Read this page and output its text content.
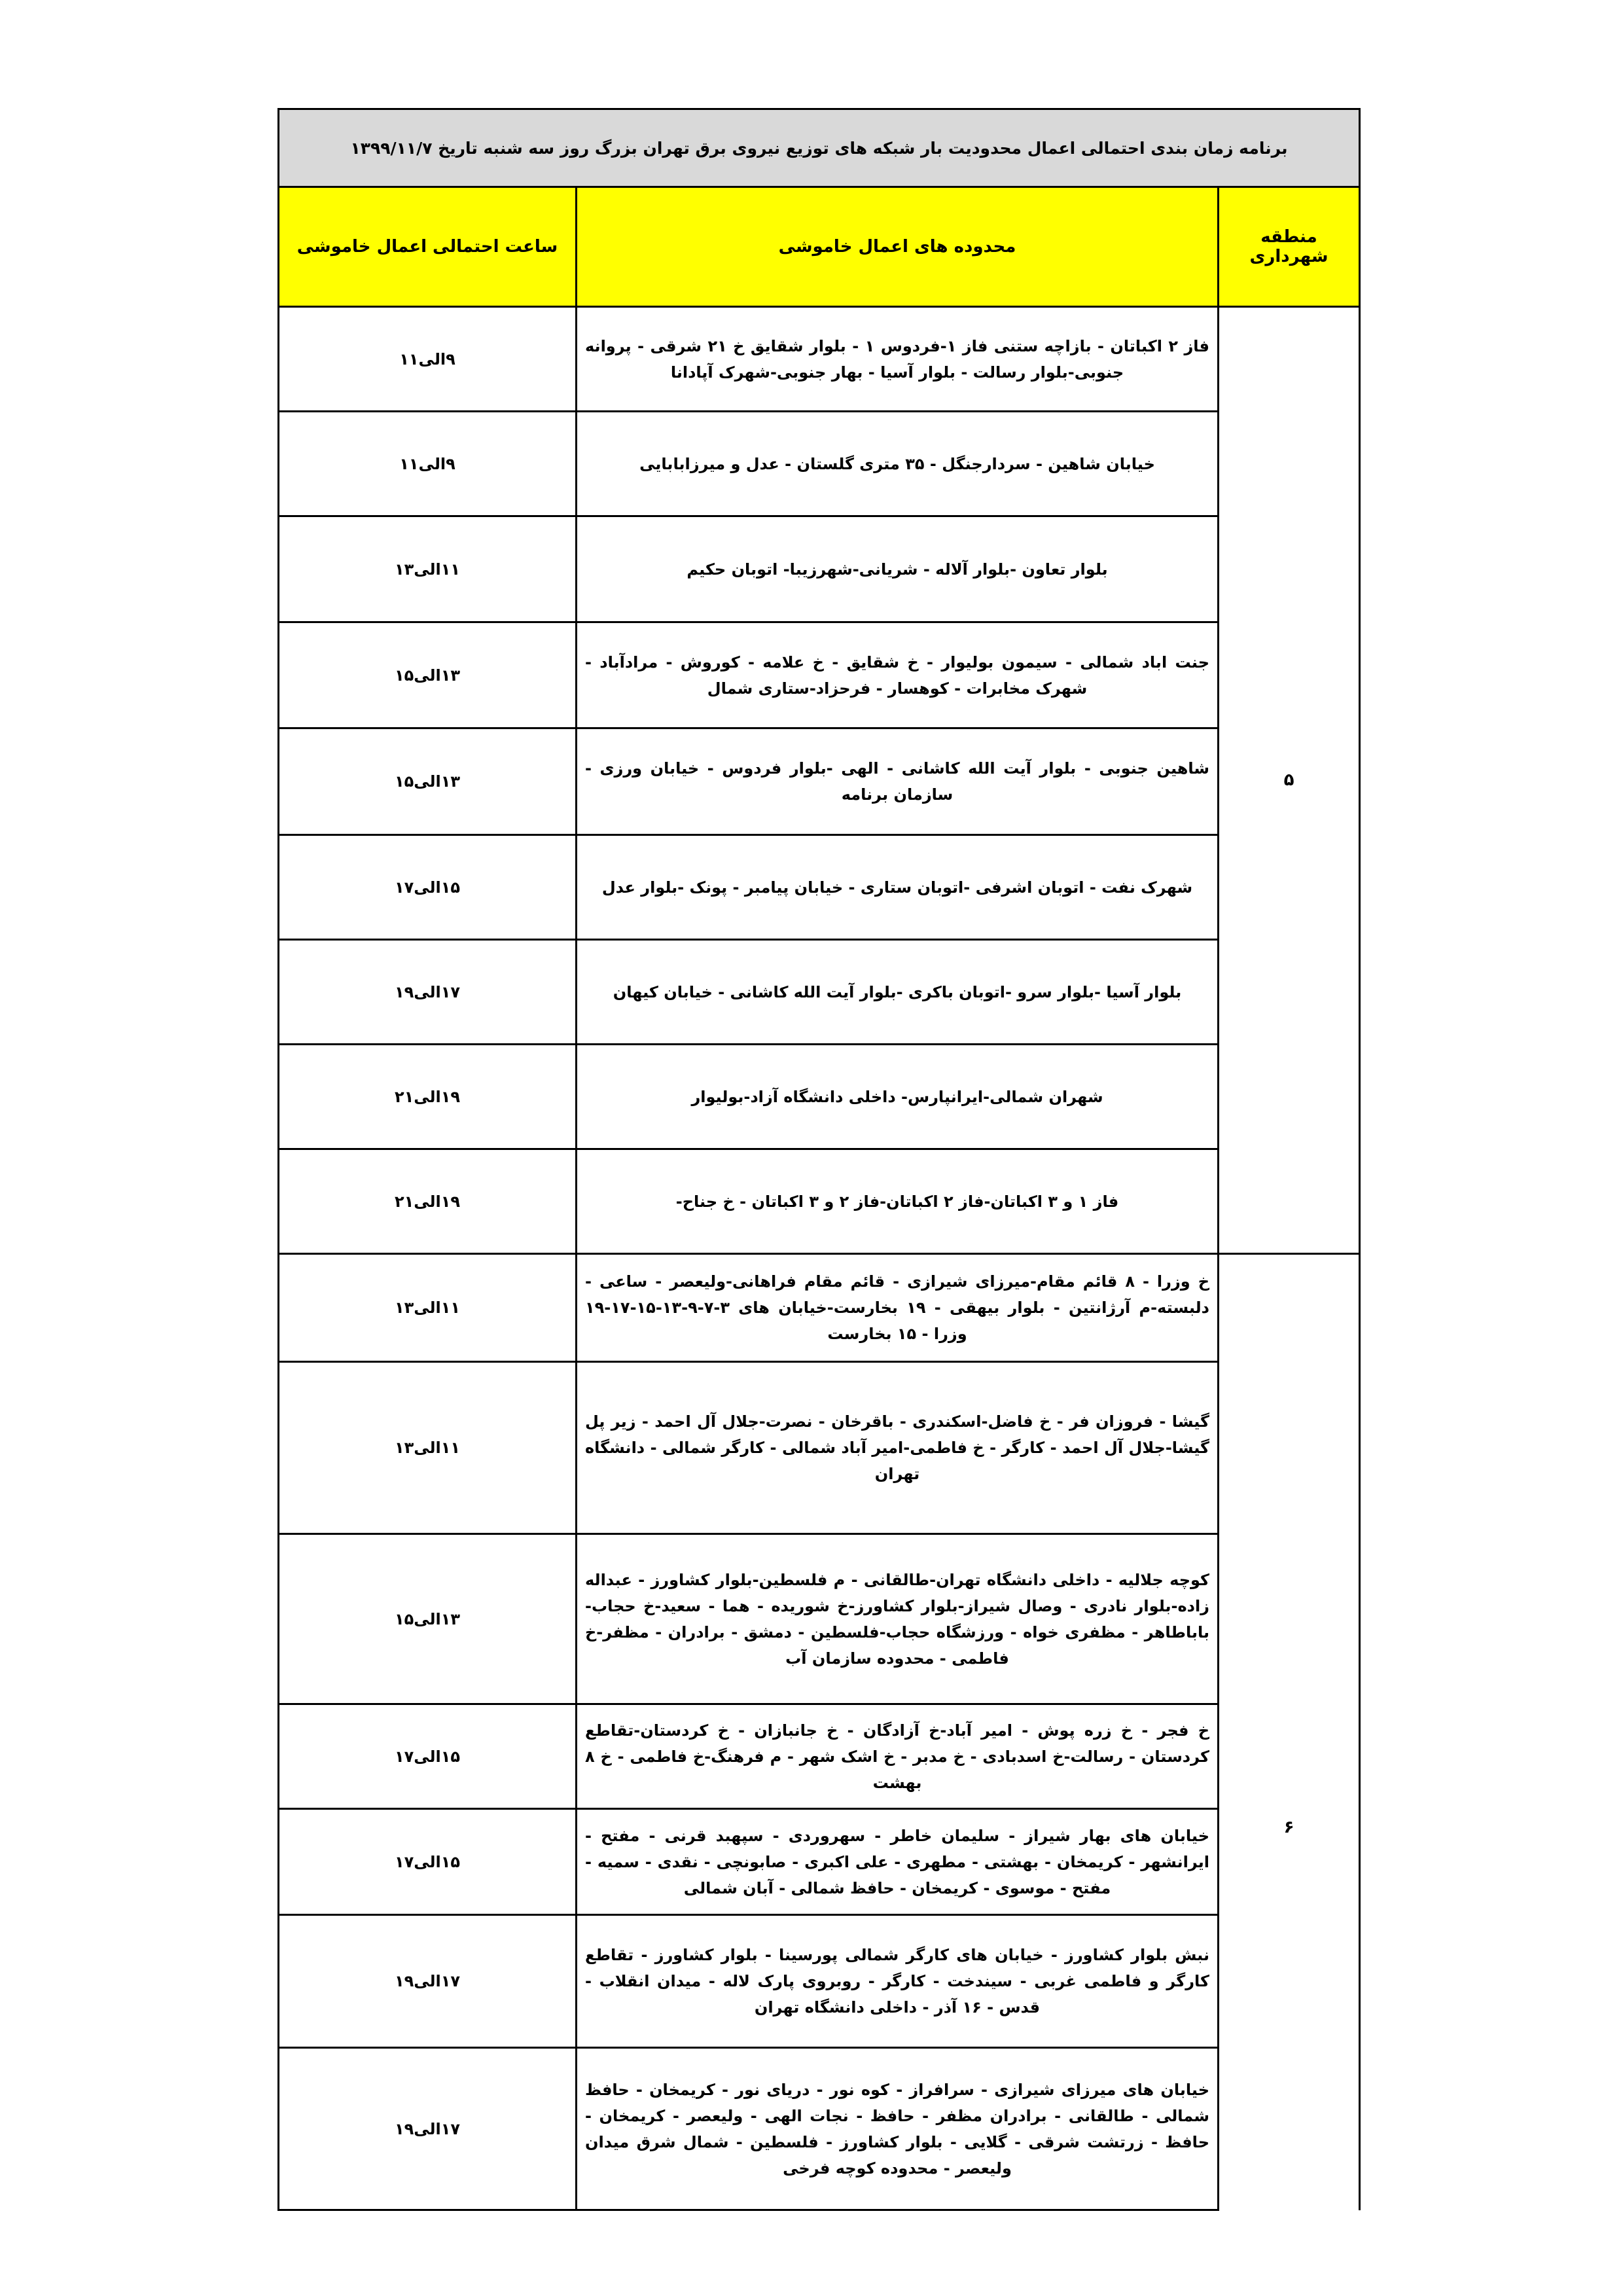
برنامه زمان بندی احتمالی اعمال محدودیت بار شبکه های توزیع نیروی برق تهران بزرگ روز سه شنبه تاریخ ۱۳۹۹/۱۱/۷		
منطقه شهرداری	محدوده های اعمال خاموشی	ساعت احتمالی اعمال خاموشی
۵	فاز ۲ اکباتان - بازاچه ستنی فاز ۱-فردوس ۱ - بلوار شقایق خ ۲۱ شرقی - پروانه جنوبی-بلوار رسالت - بلوار آسیا - بهار جنوبی-شهرک آپادانا	۹الی۱۱
	خیابان شاهین - سردارجنگل - ۳۵ متری گلستان - عدل و میرزابابایی	۹الی۱۱
	بلوار تعاون -بلوار آلاله - شریانی-شهرزیبا- اتوبان حکیم	۱۱الی۱۳
	جنت اباد شمالی - سیمون بولیوار - خ شقایق - خ علامه - کوروش - مرادآباد - شهرک مخابرات - کوهسار - فرحزاد-ستاری شمال	۱۳الی۱۵
	شاهین جنوبی - بلوار آیت الله کاشانی - الهی -بلوار فردوس - خیابان ورزی - سازمان برنامه	۱۳الی۱۵
	شهرک نفت - اتوبان اشرفی -اتوبان ستاری - خیابان پیامبر - پونک -بلوار عدل	۱۵الی۱۷
	بلوار آسیا -بلوار سرو -اتوبان باکری -بلوار آیت الله کاشانی - خیابان کیهان	۱۷الی۱۹
	شهران شمالی-ایرانپارس- داخلی دانشگاه آزاد-بولیوار	۱۹الی۲۱
	فاز ۱ و ۳ اکباتان-فاز ۲ اکباتان-فاز ۲ و ۳ اکباتان - خ جناح-	۱۹الی۲۱
۶	خ وزرا - ۸ قائم مقام-میرزای شیرازی - قائم مقام فراهانی-ولیعصر - ساعی - دلبسته-م آرژانتین - بلوار بیهقی - ۱۹ بخارست-خیابان های ۳-۷-۹-۱۳-۱۵-۱۷-۱۹ وزرا - ۱۵ بخارست	۱۱الی۱۳
	گیشا - فروزان فر - خ فاضل-اسکندری - باقرخان - نصرت-جلال آل احمد - زیر پل گیشا-جلال آل احمد - کارگر - خ فاطمی-امیر آباد شمالی - کارگر شمالی - دانشگاه تهران	۱۱الی۱۳
	کوچه جلالیه - داخلی دانشگاه تهران-طالقانی - م فلسطین-بلوار کشاورز - عبداله زاده-بلوار نادری - وصال شیراز-بلوار کشاورز-خ شوریده - هما - سعید-خ حجاب- باباطاهر - مظفری خواه - ورزشگاه حجاب-فلسطین - دمشق - برادران - مظفر-خ فاطمی - محدوده سازمان آب	۱۳الی۱۵
	خ فجر - خ زره پوش - امیر آباد-خ آزادگان - خ جانبازان - خ کردستان-تقاطع کردستان - رسالت-خ اسدبادی - خ مدبر - خ اشک شهر - م فرهنگ-خ فاطمی - خ ۸ بهشت	۱۵الی۱۷
	خیابان های بهار شیراز - سلیمان خاطر - سهروردی - سپهبد قرنی - مفتح - ایرانشهر - کریمخان - بهشتی - مطهری - علی اکبری - صابونچی - نقدی - سمیه - مفتح - موسوی - کریمخان - حافظ شمالی - آبان شمالی	۱۵الی۱۷
	نبش بلوار کشاورز - خیابان های کارگر شمالی پورسینا - بلوار کشاورز - تقاطع کارگر و فاطمی غربی - سیندخت - کارگر - روبروی پارک لاله - میدان انقلاب - قدس - ۱۶ آذر - داخلی دانشگاه تهران	۱۷الی۱۹
	خیابان های میرزای شیرازی - سرافراز - کوه نور - دریای نور - کریمخان - حافظ شمالی - طالقانی - برادران مظفر - حافظ - نجات الهی - ولیعصر - کریمخان - حافظ - زرتشت شرقی - گلایی - بلوار کشاورز - فلسطین - شمال شرق میدان ولیعصر - محدوده کوچه فرخی	۱۷الی۱۹
